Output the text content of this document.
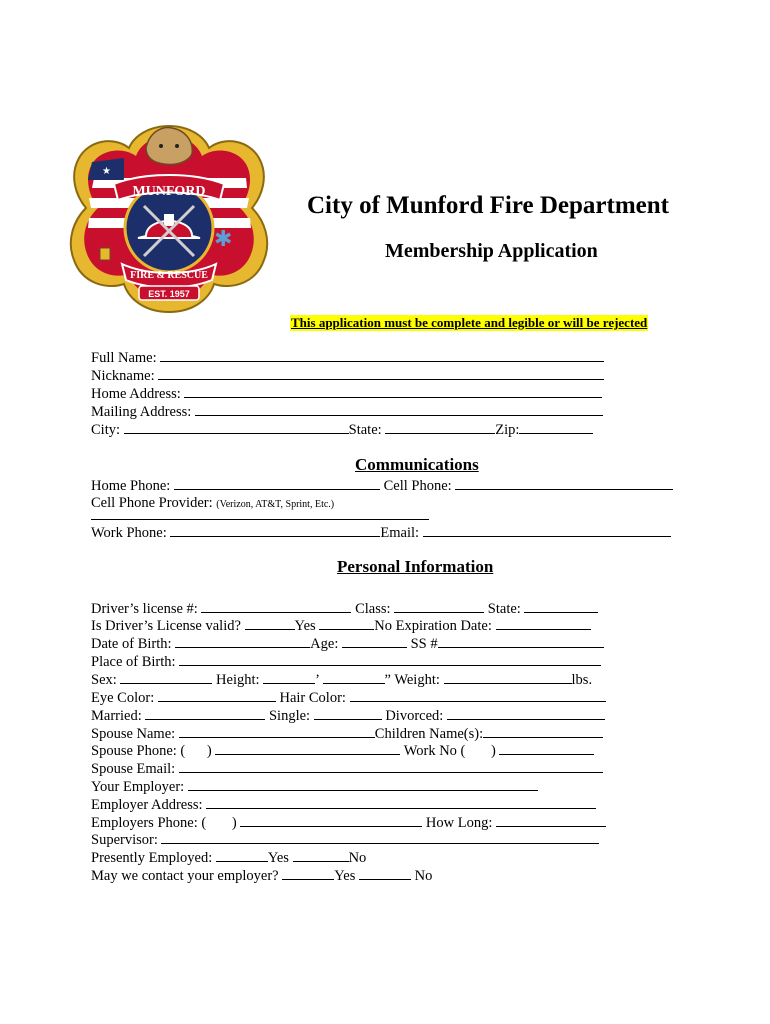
★
✱
MUNFORD
FIRE & RESCUE
EST. 1957
City of Munford Fire Department
Membership Application
This application must be complete and legible or will be rejected
Full Name:
Nickname:
Home Address:
Mailing Address:
City:	State:	Zip:
Communications
Home Phone:	Cell Phone:
Cell Phone Provider: (Verizon, AT&T, Sprint, Etc.)
Work Phone:	Email:
Personal Information
Driver’s license #:	Class:	State:
Is Driver’s License valid?	Yes	No Expiration Date:
Date of Birth:	Age:	SS #
Place of Birth:
Sex:	Height:	’	” Weight:	lbs.
Eye Color:	Hair Color:
Married:	Single:	Divorced:
Spouse Name:	Children Name(s):
Spouse Phone: ( )	Work No ( )
Spouse Email:
Your Employer:
Employer Address:
Employers Phone: ( )	How Long:
Supervisor:
Presently Employed:	Yes	No
May we contact your employer?	Yes	No
